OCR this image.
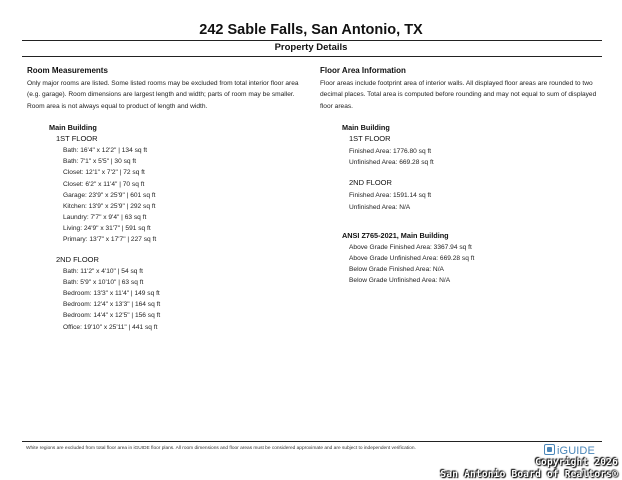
242 Sable Falls, San Antonio, TX
Property Details
Room Measurements
Only major rooms are listed. Some listed rooms may be excluded from total interior floor area
(e.g. garage). Room dimensions are largest length and width; parts of room may be smaller.
Room area is not always equal to product of length and width.
Main Building
1ST FLOOR
Bath: 16'4" x 12'2" | 134 sq ft
Bath: 7'1" x 5'5" | 30 sq ft
Closet: 12'1" x 7'2" | 72 sq ft
Closet: 6'2" x 11'4" | 70 sq ft
Garage: 23'9" x 25'9" | 601 sq ft
Kitchen: 13'9" x 25'9" | 292 sq ft
Laundry: 7'7" x 9'4" | 63 sq ft
Living: 24'9" x 31'7" | 591 sq ft
Primary: 13'7" x 17'7" | 227 sq ft
2ND FLOOR
Bath: 11'2" x 4'10" | 54 sq ft
Bath: 5'9" x 10'10" | 63 sq ft
Bedroom: 13'3" x 11'4" | 149 sq ft
Bedroom: 12'4" x 13'3" | 164 sq ft
Bedroom: 14'4" x 12'5" | 156 sq ft
Office: 19'10" x 25'11" | 441 sq ft
Floor Area Information
Floor areas include footprint area of interior walls. All displayed floor areas are rounded to two
decimal places. Total area is computed before rounding and may not equal to sum of displayed
floor areas.
Main Building
1ST FLOOR
Finished Area: 1776.80 sq ft
Unfinished Area: 669.28 sq ft
2ND FLOOR
Finished Area: 1591.14 sq ft
Unfinished Area: N/A
ANSI Z765-2021, Main Building
Above Grade Finished Area: 3367.94 sq ft
Above Grade Unfinished Area: 669.28 sq ft
Below Grade Finished Area: N/A
Below Grade Unfinished Area: N/A
White regions are excluded from total floor area in iGUIDE floor plans. All room dimensions and floor areas must be considered approximate and are subject to independent verification.	iGUIDE
Copyright 2026
San Antonio Board of Realtors®
